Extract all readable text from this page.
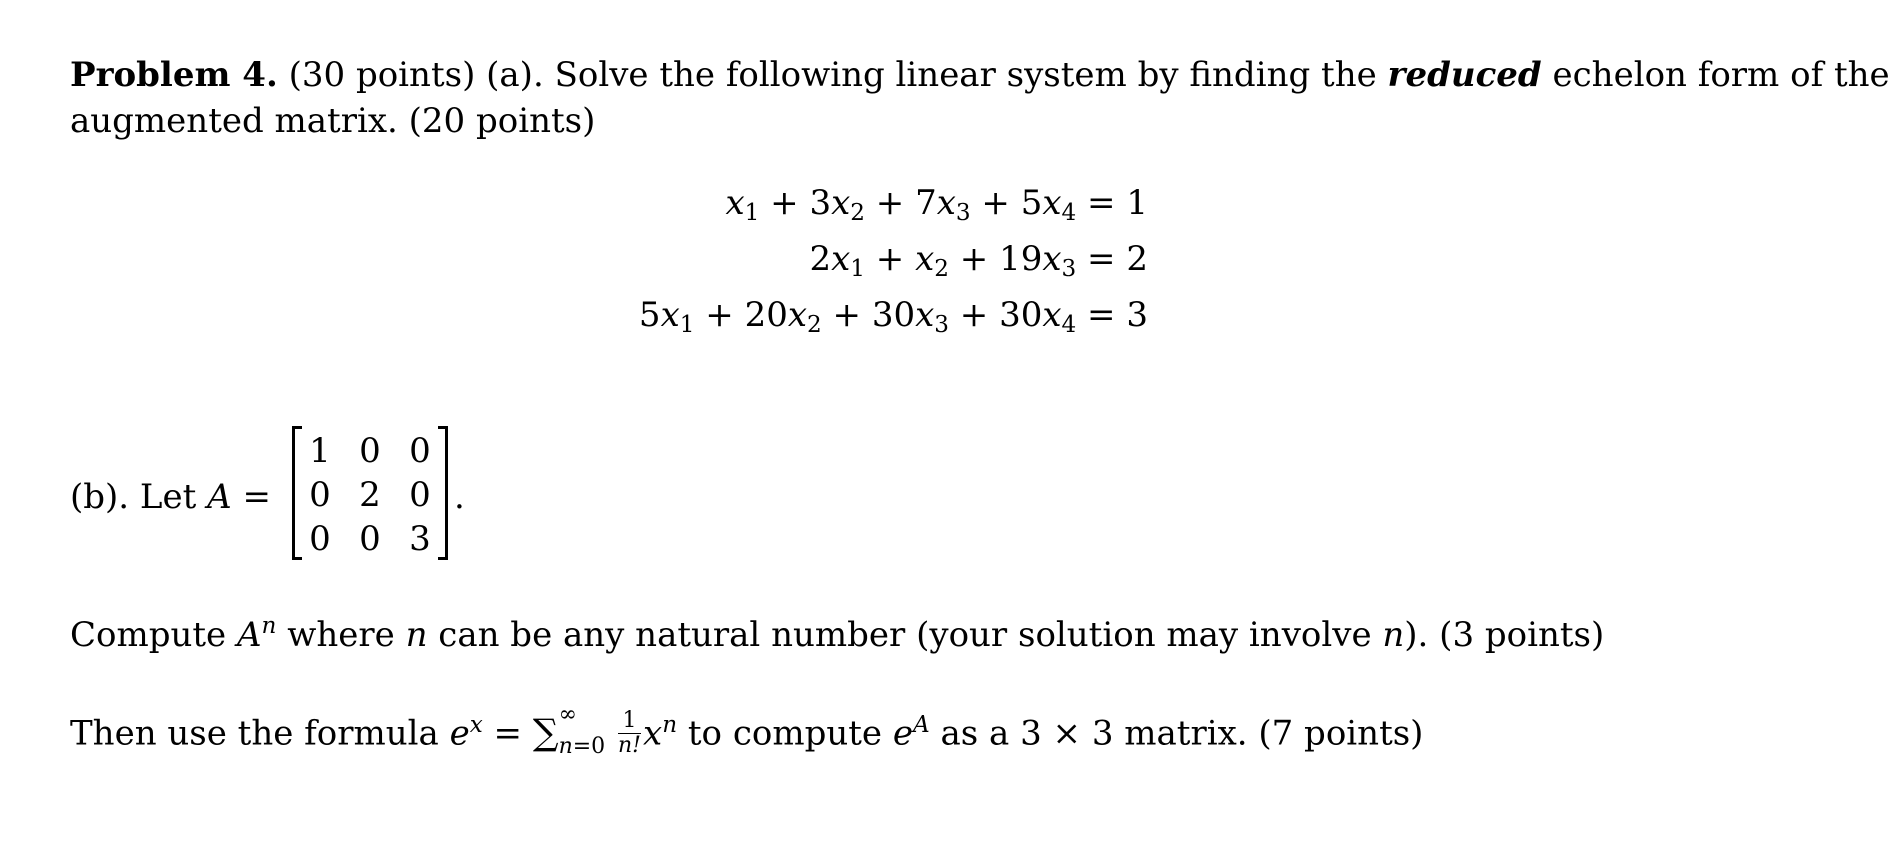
Problem 4. (30 points) (a). Solve the following linear system by finding the reduced echelon form of the
augmented matrix. (20 points)
$x_1 + 3x_2 + 7x_3 + 5x_4 = 1$
$2x_1 + x_2 + 19x_3 = 2$
$5x_1 + 20x_2 + 30x_3 + 30x_4 = 3$
(b). Let A =
1 0 0
0 2 0
0 0 3
.
Compute $A^n$ where n can be any natural number (your solution may involve n). (3 points)
Then use the formula $e^x$ = ∑ ∞
$n=0 \frac{1}{n!} x^n$ to compute $e^A$ as a 3 × 3 matrix. (7 points)
